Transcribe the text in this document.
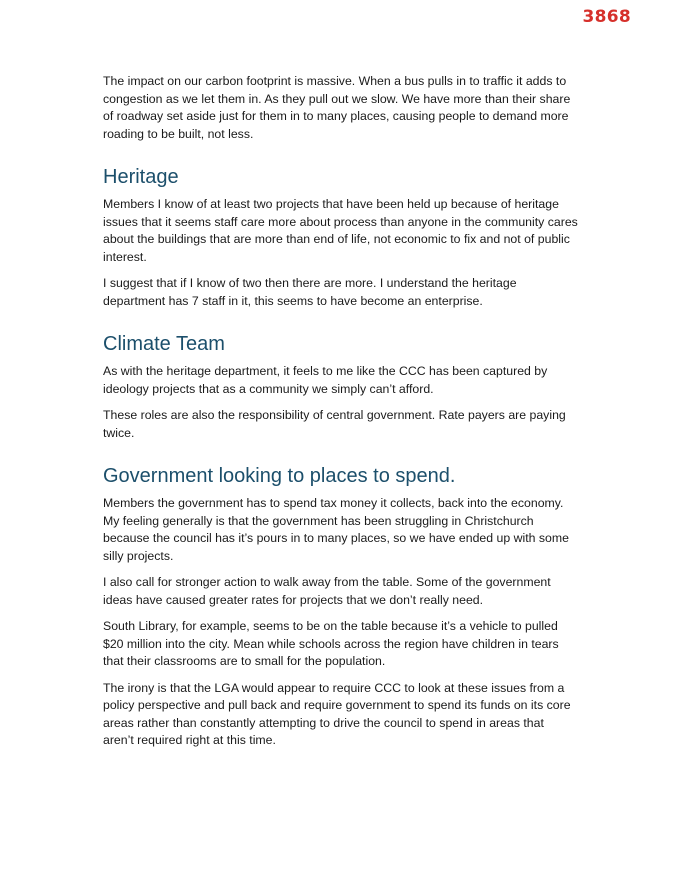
3868

The impact on our carbon footprint is massive. When a bus pulls in to traffic it adds to congestion as we let them in. As they pull out we slow. We have more than their share of roadway set aside just for them in to many places, causing people to demand more roading to be built, not less.

Heritage

Members I know of at least two projects that have been held up because of heritage issues that it seems staff care more about process than anyone in the community cares about the buildings that are more than end of life, not economic to fix and not of public interest.

I suggest that if I know of two then there are more. I understand the heritage department has 7 staff in it, this seems to have become an enterprise.

Climate Team

As with the heritage department, it feels to me like the CCC has been captured by ideology projects that as a community we simply can’t afford.

These roles are also the responsibility of central government. Rate payers are paying twice.

Government looking to places to spend.

Members the government has to spend tax money it collects, back into the economy. My feeling generally is that the government has been struggling in Christchurch because the council has it’s pours in to many places, so we have ended up with some silly projects.

I also call for stronger action to walk away from the table. Some of the government ideas have caused greater rates for projects that we don’t really need.

South Library, for example, seems to be on the table because it’s a vehicle to pulled $20 million into the city. Mean while schools across the region have children in tears that their classrooms are to small for the population.

The irony is that the LGA would appear to require CCC to look at these issues from a policy perspective and pull back and require government to spend its funds on its core areas rather than constantly attempting to drive the council to spend in areas that aren’t required right at this time.
